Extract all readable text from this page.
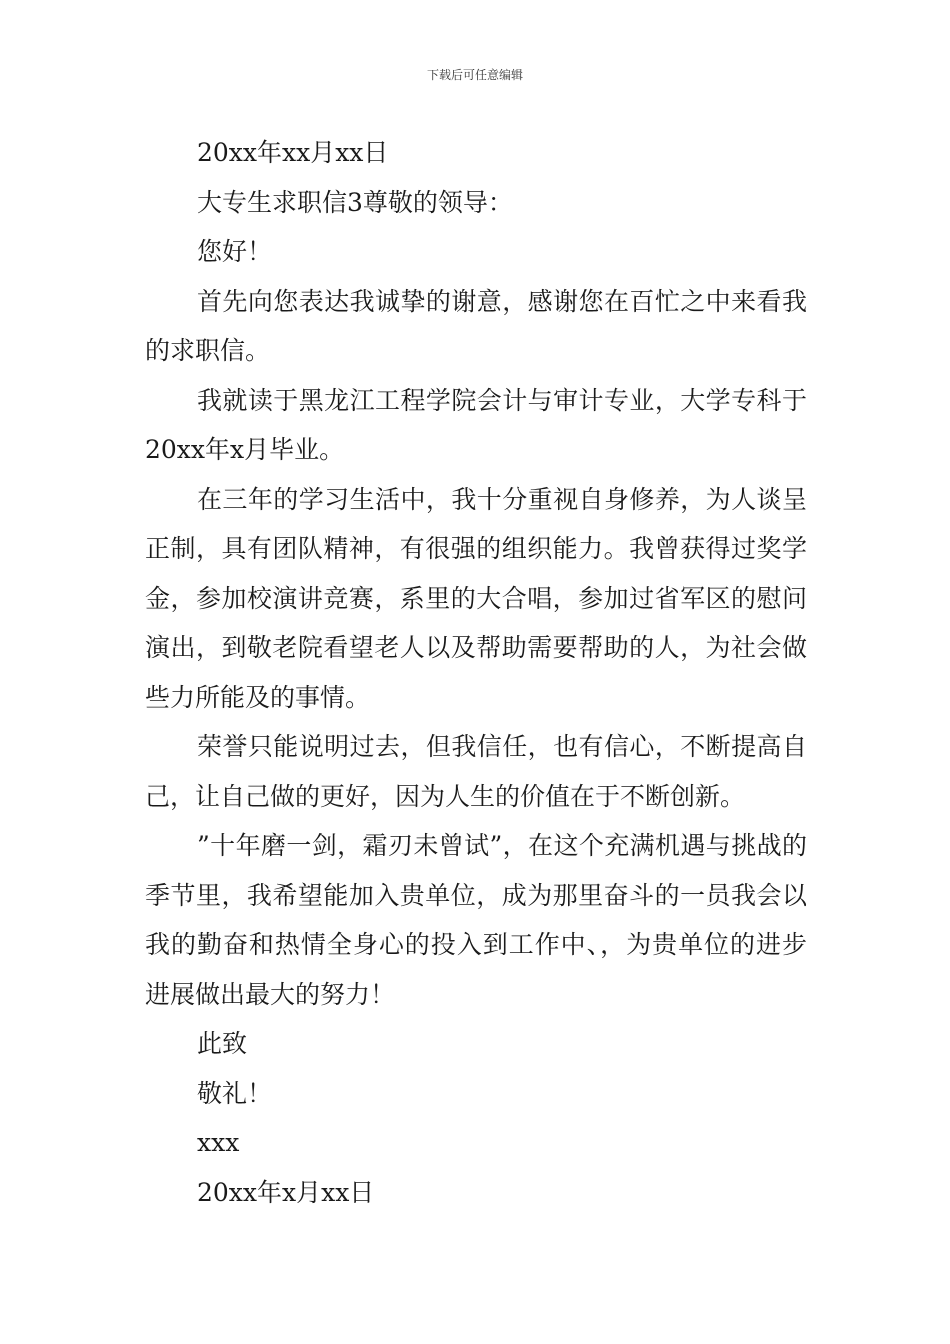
下载后可任意编辑

20xx年xx月xx日

大专生求职信3尊敬的领导：

您好！

首先向您表达我诚挚的谢意，感谢您在百忙之中来看我的求职信。

我就读于黑龙江工程学院会计与审计专业，大学专科于20xx年x月毕业。

在三年的学习生活中，我十分重视自身修养，为人谈呈正制，具有团队精神，有很强的组织能力。我曾获得过奖学金，参加校演讲竞赛，系里的大合唱，参加过省军区的慰问演出，到敬老院看望老人以及帮助需要帮助的人，为社会做些力所能及的事情。

荣誉只能说明过去，但我信任，也有信心，不断提高自己，让自己做的更好，因为人生的价值在于不断创新。

”十年磨一剑，霜刃未曾试”，在这个充满机遇与挑战的季节里，我希望能加入贵单位，成为那里奋斗的一员我会以我的勤奋和热情全身心的投入到工作中、，为贵单位的进步进展做出最大的努力！

此致

敬礼！

xxx

20xx年x月xx日
